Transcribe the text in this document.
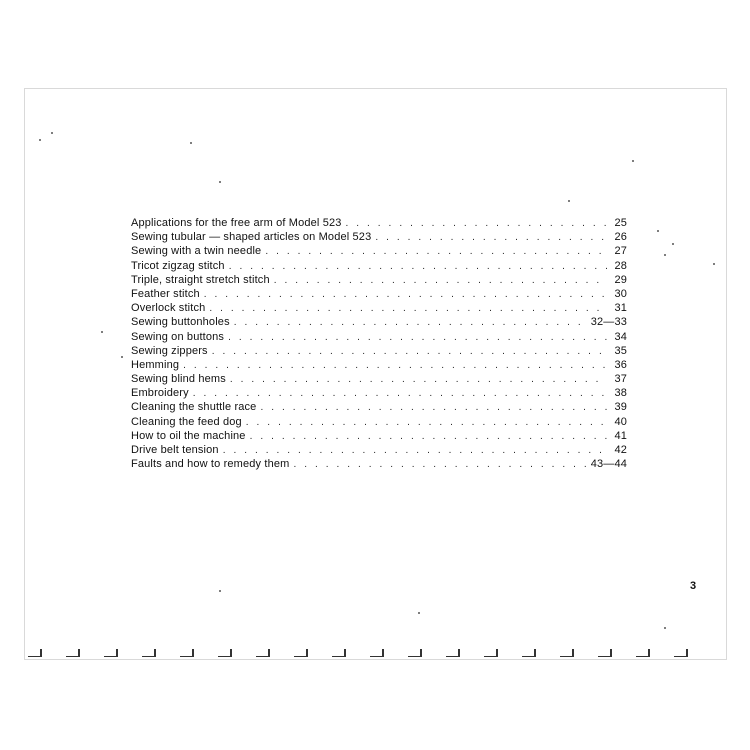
Applications for the free arm of Model 523 . . .	25
Sewing tubular — shaped articles on Model 523 . . .	26
Sewing with a twin needle . . .	27
Tricot zigzag stitch . . .	28
Triple, straight stretch stitch . . .	29
Feather stitch . . .	30
Overlock stitch . . .	31
Sewing buttonholes . . .	32—33
Sewing on buttons . . .	34
Sewing zippers . . .	35
Hemming . . .	36
Sewing blind hems . . .	37
Embroidery . . .	38
Cleaning the shuttle race . . .	39
Cleaning the feed dog . . .	40
How to oil the machine . . .	41
Drive belt tension . . .	42
Faults and how to remedy them . . .	43—44
3
